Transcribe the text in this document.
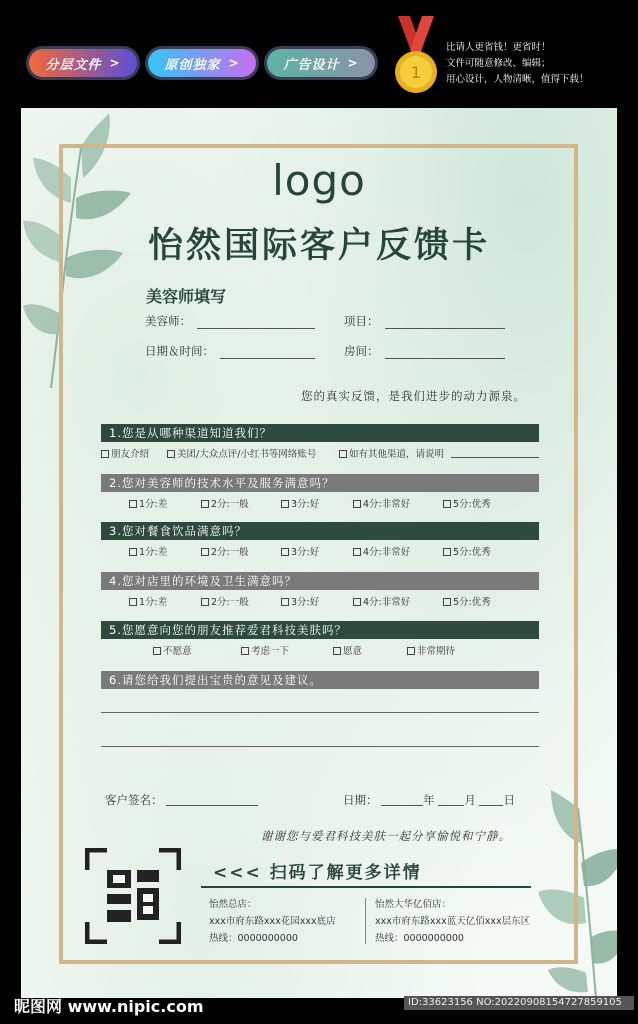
分层文件 >	原创独家 >	广告设计 >	1
比请人更省钱！更省时！
文件可随意修改、编辑；
用心设计，人物清晰，值得下载！
logo
怡然国际客户反馈卡
美容师填写
美容师：	项目：
日期＆时间：	房间：
您的真实反馈，是我们进步的动力源泉。
1.您是从哪种渠道知道我们？
朋友介绍	美团/大众点评/小红书等网络账号	如有其他渠道，请说明
2.您对美容师的技术水平及服务满意吗？
1分:差	2分:一般	3分:好	4分:非常好	5分:优秀
3.您对餐食饮品满意吗？
1分:差	2分:一般	3分:好	4分:非常好	5分:优秀
4.您对店里的环境及卫生满意吗？
1分:差	2分:一般	3分:好	4分:非常好	5分:优秀
5.您愿意向您的朋友推荐爱君科技美肤吗？
不愿意	考虑一下	愿意	非常期待
6.请您给我们提出宝贵的意见及建议。
客户签名：	日期：	年	月 日
谢谢您与爱君科技美肤一起分享愉悦和宁静。
<<< 扫码了解更多详情
怡然总店：
xxx市府东路xxx花园xxx底店
热线：0000000000
怡然大华亿佰店：
xxx市府东路xxx蓝天亿佰xxx层东区
热线：0000000000
昵图网 www.nipic.com	ID:33623156 NO:20220908154727859105
